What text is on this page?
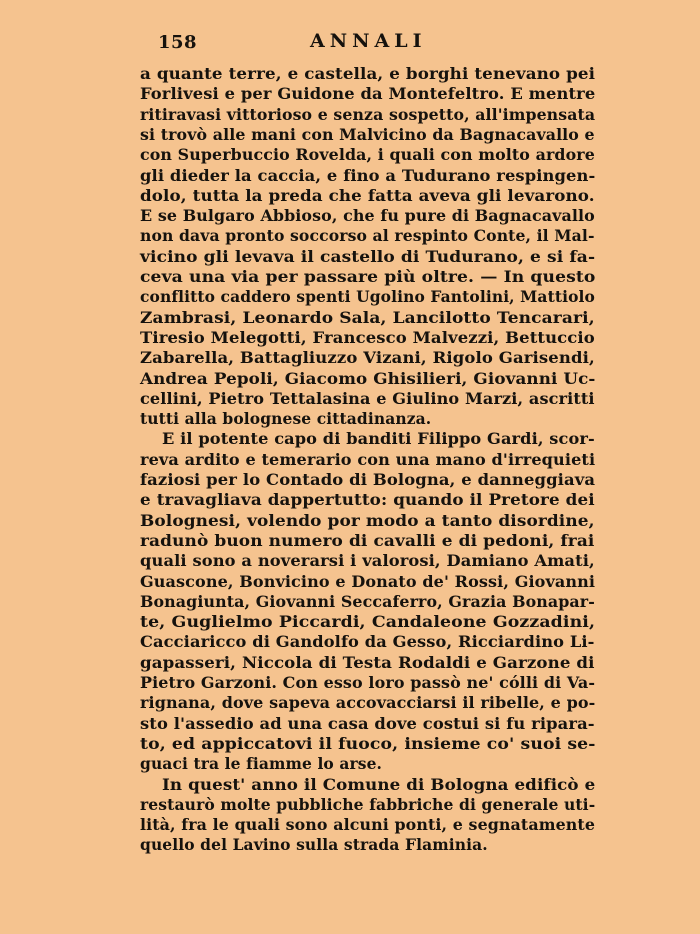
158	ANNALI
a quante terre, e castella, e borghi tenevano pei
Forlivesi e per Guidone da Montefeltro. E mentre
ritiravasi vittorioso e senza sospetto, all'impensata
si trovò alle mani con Malvicino da Bagnacavallo e
con Superbuccio Rovelda, i quali con molto ardore
gli dieder la caccia, e fino a Tudurano respingen-
dolo, tutta la preda che fatta aveva gli levarono.
E se Bulgaro Abbioso, che fu pure di Bagnacavallo
non dava pronto soccorso al respinto Conte, il Mal-
vicino gli levava il castello di Tudurano, e si fa-
ceva una via per passare più oltre. — In questo
conflitto caddero spenti Ugolino Fantolini, Mattiolo
Zambrasi, Leonardo Sala, Lancilotto Tencarari,
Tiresio Melegotti, Francesco Malvezzi, Bettuccio
Zabarella, Battagliuzzo Vizani, Rigolo Garisendi,
Andrea Pepoli, Giacomo Ghisilieri, Giovanni Uc-
cellini, Pietro Tettalasina e Giulino Marzi, ascritti
tutti alla bolognese cittadinanza.
E il potente capo di banditi Filippo Gardi, scor-
reva ardito e temerario con una mano d'irrequieti
faziosi per lo Contado di Bologna, e danneggiava
e travagliava dappertutto: quando il Pretore dei
Bolognesi, volendo por modo a tanto disordine,
radunò buon numero di cavalli e di pedoni, frai
quali sono a noverarsi i valorosi, Damiano Amati,
Guascone, Bonvicino e Donato de' Rossi, Giovanni
Bonagiunta, Giovanni Seccaferro, Grazia Bonapar-
te, Guglielmo Piccardi, Candaleone Gozzadini,
Cacciaricco di Gandolfo da Gesso, Ricciardino Li-
gapasseri, Niccola di Testa Rodaldi e Garzone di
Pietro Garzoni. Con esso loro passò ne' cólli di Va-
rignana, dove sapeva accovacciarsi il ribelle, e po-
sto l'assedio ad una casa dove costui si fu ripara-
to, ed appiccatovi il fuoco, insieme co' suoi se-
guaci tra le fiamme lo arse.
In quest' anno il Comune di Bologna edificò e
restaurò molte pubbliche fabbriche di generale uti-
lità, fra le quali sono alcuni ponti, e segnatamente
quello del Lavino sulla strada Flaminia.
